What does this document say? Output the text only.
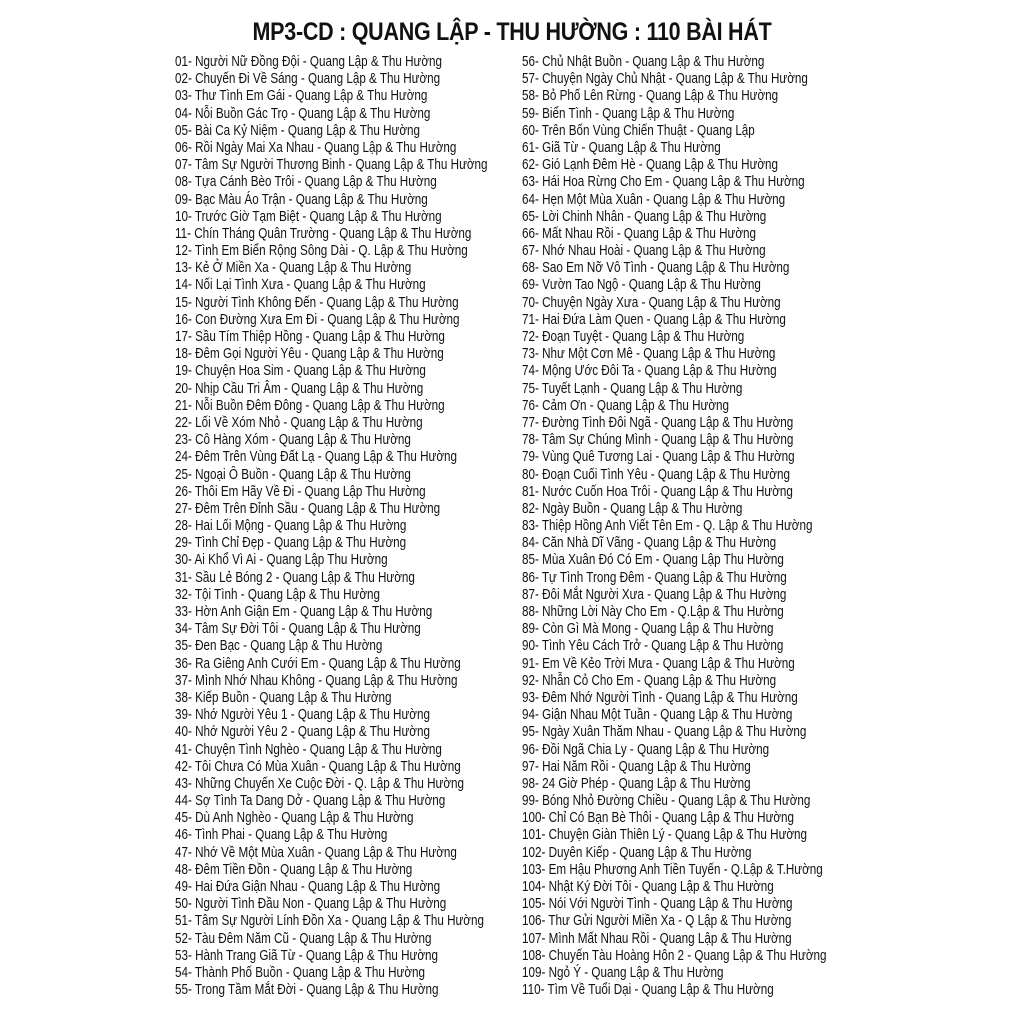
MP3-CD : QUANG LẬP - THU HƯỜNG : 110 BÀI HÁT
01- Người Nữ Đồng Đội - Quang Lập & Thu Hường
02- Chuyến Đi Về Sáng - Quang Lập & Thu Hường
03- Thư Tình Em Gái - Quang Lập & Thu Hường
04- Nỗi Buồn Gác Trọ - Quang Lập & Thu Hường
05- Bài Ca Kỷ Niệm - Quang Lập & Thu Hường
06- Rồi Ngày Mai Xa Nhau - Quang Lập & Thu Hường
07- Tâm Sự Người Thương Binh - Quang Lập & Thu Hường
08- Tựa Cánh Bèo Trôi - Quang Lập & Thu Hường
09- Bạc Màu Áo Trận - Quang Lập & Thu Hường
10- Trước Giờ Tạm Biệt - Quang Lập & Thu Hường
11- Chín Tháng Quân Trường - Quang Lập & Thu Hường
12- Tình Em Biển Rộng Sông Dài - Q. Lập & Thu Hường
13- Kẻ Ở Miền Xa - Quang Lập & Thu Hường
14- Nối Lại Tình Xưa - Quang Lập & Thu Hường
15- Người Tình Không Đến - Quang Lập & Thu Hường
16- Con Đường Xưa Em Đi - Quang Lập & Thu Hường
17- Sầu Tím Thiệp Hồng - Quang Lập & Thu Hường
18- Đêm Gọi Người Yêu - Quang Lập & Thu Hường
19- Chuyện Hoa Sim - Quang Lập & Thu Hường
20- Nhịp Cầu Tri Âm - Quang Lập & Thu Hường
21- Nỗi Buồn Đêm Đông - Quang Lập & Thu Hường
22- Lối Về Xóm Nhỏ - Quang Lập & Thu Hường
23- Cô Hàng Xóm - Quang Lập & Thu Hường
24- Đêm Trên Vùng Đất Lạ - Quang Lập & Thu Hường
25- Ngoại Ô Buồn - Quang Lập & Thu Hường
26- Thôi Em Hãy Về Đi - Quang Lập Thu Hường
27- Đêm Trên Đỉnh Sầu - Quang Lập & Thu Hường
28- Hai Lối Mộng - Quang Lập & Thu Hường
29- Tình Chỉ Đẹp - Quang Lập & Thu Hường
30- Ai Khổ Vì Ai - Quang Lập Thu Hường
31- Sầu Lẻ Bóng 2 - Quang Lập & Thu Hường
32- Tội Tình - Quang Lập & Thu Hường
33- Hờn Anh Giận Em - Quang Lập & Thu Hường
34- Tâm Sự Đời Tôi - Quang Lập & Thu Hường
35- Đen Bạc - Quang Lập & Thu Hường
36- Ra Giêng Anh Cưới Em - Quang Lập & Thu Hường
37- Mình Nhớ Nhau Không - Quang Lập & Thu Hường
38- Kiếp Buồn - Quang Lập & Thu Hường
39- Nhớ Người Yêu 1 - Quang Lập & Thu Hường
40- Nhớ Người Yêu 2 - Quang Lập & Thu Hường
41- Chuyện Tình Nghèo - Quang Lập & Thu Hường
42- Tôi Chưa Có Mùa Xuân - Quang Lập & Thu Hường
43- Những Chuyến Xe Cuộc Đời - Q. Lập & Thu Hường
44- Sợ Tình Ta Dang Dở - Quang Lập & Thu Hường
45- Dù Anh Nghèo - Quang Lập & Thu Hường
46- Tình Phai - Quang Lập & Thu Hường
47- Nhớ Về Một Mùa Xuân - Quang Lập & Thu Hường
48- Đêm Tiền Đồn - Quang Lập & Thu Hường
49- Hai Đứa Giận Nhau - Quang Lập & Thu Hường
50- Người Tình Đầu Non - Quang Lập & Thu Hường
51- Tâm Sự Người Lính Đồn Xa - Quang Lập & Thu Hường
52- Tàu Đêm Năm Cũ - Quang Lập & Thu Hường
53- Hành Trang Giã Từ - Quang Lập & Thu Hường
54- Thành Phố Buồn - Quang Lập & Thu Hường
55- Trong Tầm Mắt Đời - Quang Lập & Thu Hường
56- Chủ Nhật Buồn - Quang Lập & Thu Hường
57- Chuyện Ngày Chủ Nhật - Quang Lập & Thu Hường
58- Bỏ Phố Lên Rừng - Quang Lập & Thu Hường
59- Biển Tình - Quang Lập & Thu Hường
60- Trên Bốn Vùng Chiến Thuật - Quang Lập
61- Giã Từ - Quang Lập & Thu Hường
62- Gió Lạnh Đêm Hè - Quang Lập & Thu Hường
63- Hái Hoa Rừng Cho Em - Quang Lập & Thu Hường
64- Hẹn Một Mùa Xuân - Quang Lập & Thu Hường
65- Lời Chinh Nhân - Quang Lập & Thu Hường
66- Mất Nhau Rồi - Quang Lập & Thu Hường
67- Nhớ Nhau Hoài - Quang Lập & Thu Hường
68- Sao Em Nỡ Vô Tình - Quang Lập & Thu Hường
69- Vườn Tao Ngộ - Quang Lập & Thu Hường
70- Chuyện Ngày Xưa - Quang Lập & Thu Hường
71- Hai Đứa Làm Quen - Quang Lập & Thu Hường
72- Đoạn Tuyệt - Quang Lập & Thu Hường
73- Như Một Cơn Mê - Quang Lập & Thu Hường
74- Mộng Ước Đôi Ta - Quang Lập & Thu Hường
75- Tuyết Lạnh - Quang Lập & Thu Hường
76- Cảm Ơn - Quang Lập & Thu Hường
77- Đường Tình Đôi Ngã - Quang Lập & Thu Hường
78- Tâm Sự Chúng Mình - Quang Lập & Thu Hường
79- Vùng Quê Tương Lai - Quang Lập & Thu Hường
80- Đoạn Cuối Tình Yêu - Quang Lập & Thu Hường
81- Nước Cuốn Hoa Trôi - Quang Lập & Thu Hường
82- Ngày Buồn - Quang Lập & Thu Hường
83- Thiệp Hồng Anh Viết Tên Em - Q. Lập & Thu Hường
84- Căn Nhà Dĩ Vãng - Quang Lập & Thu Hường
85- Mùa Xuân Đó Có Em - Quang Lập Thu Hường
86- Tự Tình Trong Đêm - Quang Lập & Thu Hường
87- Đôi Mắt Người Xưa - Quang Lập & Thu Hường
88- Những Lời Này Cho Em - Q.Lập & Thu Hường
89- Còn Gì Mà Mong - Quang Lập & Thu Hường
90- Tình Yêu Cách Trở - Quang Lập & Thu Hường
91- Em Về Kẻo Trời Mưa - Quang Lập & Thu Hường
92- Nhẫn Cỏ Cho Em - Quang Lập & Thu Hường
93- Đêm Nhớ Người Tình - Quang Lập & Thu Hường
94- Giận Nhau Một Tuần - Quang Lập & Thu Hường
95- Ngày Xuân Thăm Nhau - Quang Lập & Thu Hường
96- Đồi Ngã Chia Ly - Quang Lập & Thu Hường
97- Hai Năm Rồi - Quang Lập & Thu Hường
98- 24 Giờ Phép - Quang Lập & Thu Hường
99- Bóng Nhỏ Đường Chiều - Quang Lập & Thu Hường
100- Chỉ Có Bạn Bè Thôi - Quang Lập & Thu Hường
101- Chuyện Giàn Thiên Lý - Quang Lập & Thu Hường
102- Duyên Kiếp - Quang Lập & Thu Hường
103- Em Hậu Phương Anh Tiền Tuyến - Q.Lập & T.Hường
104- Nhật Ký Đời Tôi - Quang Lập & Thu Hường
105- Nói Với Người Tình - Quang Lập & Thu Hường
106- Thư Gửi Người Miền Xa - Q Lập & Thu Hường
107- Mình Mất Nhau Rồi - Quang Lập & Thu Hường
108- Chuyến Tàu Hoàng Hôn 2 - Quang Lập & Thu Hường
109- Ngỏ Ý - Quang Lập & Thu Hường
110- Tìm Về Tuổi Dại - Quang Lập & Thu Hường
